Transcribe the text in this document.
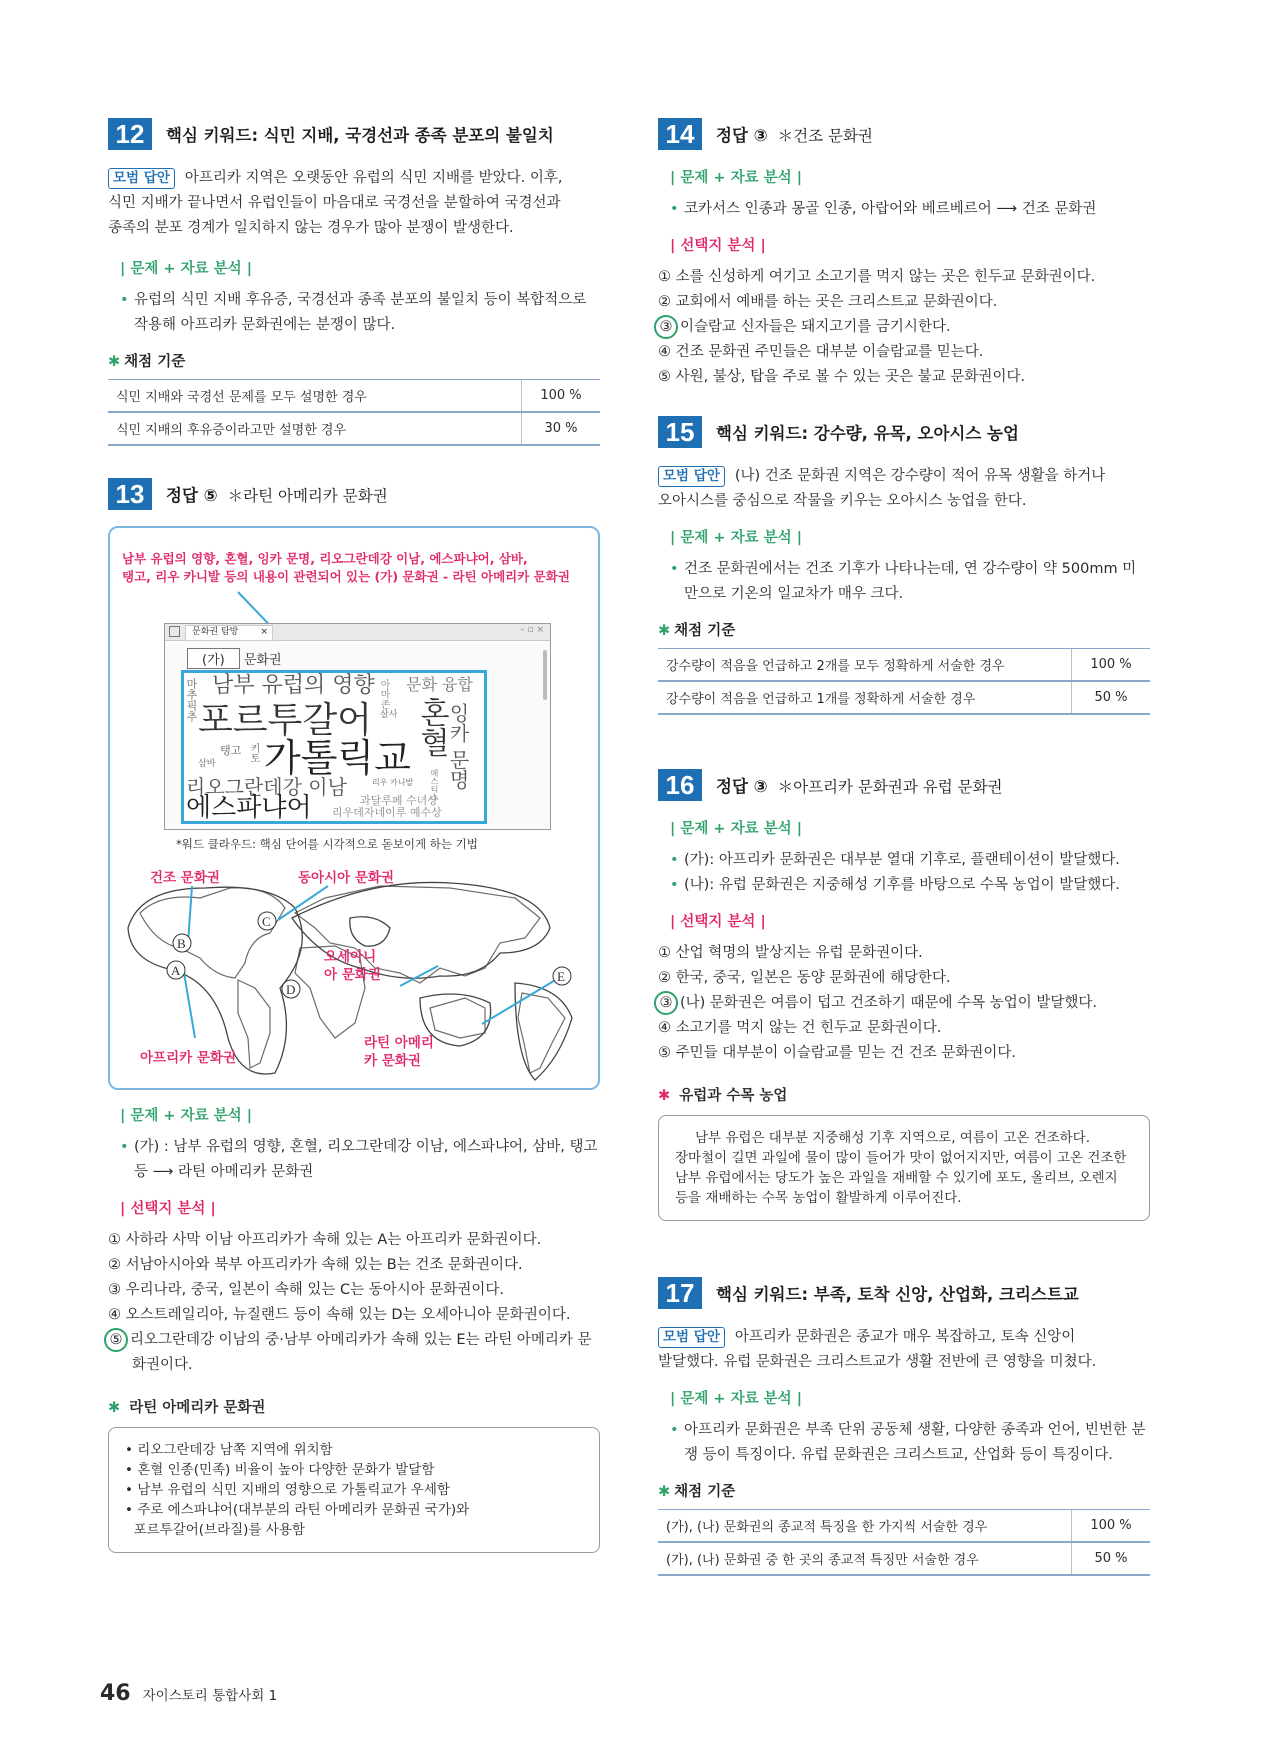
12	핵심 키워드: 식민 지배, 국경선과 종족 분포의 불일치
모범 답안 아프리카 지역은 오랫동안 유럽의 식민 지배를 받았다. 이후,
식민 지배가 끝나면서 유럽인들이 마음대로 국경선을 분할하여 국경선과
종족의 분포 경계가 일치하지 않는 경우가 많아 분쟁이 발생한다.
| 문제 + 자료 분석 |
• 유럽의 식민 지배 후유증, 국경선과 종족 분포의 불일치 등이 복합적으로 작용해 아프리카 문화권에는 분쟁이 많다.
✱ 채점 기준
식민 지배와 국경선 문제를 모두 설명한 경우	100 %
식민 지배의 후유증이라고만 설명한 경우	30 %
13	정답 ⑤ ＊라틴 아메리카 문화권
남부 유럽의 영향, 혼혈, 잉카 문명, 리오그란데강 이남, 에스파냐어, 삼바,
탱고, 리우 카니발 등의 내용이 관련되어 있는 (가) 문화권 - 라틴 아메리카 문화권
문화권 탐방 ×	– ▫ ×
(가) 문화권
남부 유럽의 영향 문화 융합
마추픽추 포르투갈어 살사
아마존
혼혈
잉카 문명
탱고
삼바
키토 가톨릭교
리오그란데강 이남	리우 카니발 메스티소
과달루페 수녀상
에스파냐어 리우데자네이루 예수상
*워드 클라우드: 핵심 단어를 시각적으로 돋보이게 하는 기법
B
A
C
D
E
건조 문화권	동아시아 문화권
오세아니아 문화권
라틴 아메리카 문화권
아프리카 문화권
| 문제 + 자료 분석 |
• (가) : 남부 유럽의 영향, 혼혈, 리오그란데강 이남, 에스파냐어, 삼바, 탱고 등 ⟶ 라틴 아메리카 문화권
| 선택지 분석 |
① 사하라 사막 이남 아프리카가 속해 있는 A는 아프리카 문화권이다.
② 서남아시아와 북부 아프리카가 속해 있는 B는 건조 문화권이다.
③ 우리나라, 중국, 일본이 속해 있는 C는 동아시아 문화권이다.
④ 오스트레일리아, 뉴질랜드 등이 속해 있는 D는 오세아니아 문화권이다.
⑤ 리오그란데강 이남의 중·남부 아메리카가 속해 있는 E는 라틴 아메리카 문화권이다.
✱ 라틴 아메리카 문화권
• 리오그란데강 남쪽 지역에 위치함
• 혼혈 인종(민족) 비율이 높아 다양한 문화가 발달함
• 남부 유럽의 식민 지배의 영향으로 가톨릭교가 우세함
• 주로 에스파냐어(대부분의 라틴 아메리카 문화권 국가)와
포르투갈어(브라질)를 사용함
14	정답 ③ ＊건조 문화권
| 문제 + 자료 분석 |
• 코카서스 인종과 몽골 인종, 아랍어와 베르베르어 ⟶ 건조 문화권
| 선택지 분석 |
① 소를 신성하게 여기고 소고기를 먹지 않는 곳은 힌두교 문화권이다.
② 교회에서 예배를 하는 곳은 크리스트교 문화권이다.
③ 이슬람교 신자들은 돼지고기를 금기시한다.
④ 건조 문화권 주민들은 대부분 이슬람교를 믿는다.
⑤ 사원, 불상, 탑을 주로 볼 수 있는 곳은 불교 문화권이다.
15	핵심 키워드: 강수량, 유목, 오아시스 농업
모범 답안 (나) 건조 문화권 지역은 강수량이 적어 유목 생활을 하거나
오아시스를 중심으로 작물을 키우는 오아시스 농업을 한다.
| 문제 + 자료 분석 |
• 건조 문화권에서는 건조 기후가 나타나는데, 연 강수량이 약 500mm 미만으로 기온의 일교차가 매우 크다.
✱ 채점 기준
강수량이 적음을 언급하고 2개를 모두 정확하게 서술한 경우	100 %
강수량이 적음을 언급하고 1개를 정확하게 서술한 경우	50 %
16	정답 ③ ＊아프리카 문화권과 유럽 문화권
| 문제 + 자료 분석 |
• (가): 아프리카 문화권은 대부분 열대 기후로, 플랜테이션이 발달했다.
• (나): 유럽 문화권은 지중해성 기후를 바탕으로 수목 농업이 발달했다.
| 선택지 분석 |
① 산업 혁명의 발상지는 유럽 문화권이다.
② 한국, 중국, 일본은 동양 문화권에 해당한다.
③ (나) 문화권은 여름이 덥고 건조하기 때문에 수목 농업이 발달했다.
④ 소고기를 먹지 않는 건 힌두교 문화권이다.
⑤ 주민들 대부분이 이슬람교를 믿는 건 건조 문화권이다.
✱ 유럽과 수목 농업
남부 유럽은 대부분 지중해성 기후 지역으로, 여름이 고온 건조하다.
장마철이 길면 과일에 물이 많이 들어가 맛이 없어지지만, 여름이 고온 건조한
남부 유럽에서는 당도가 높은 과일을 재배할 수 있기에 포도, 올리브, 오렌지
등을 재배하는 수목 농업이 활발하게 이루어진다.
17	핵심 키워드: 부족, 토착 신앙, 산업화, 크리스트교
모범 답안 아프리카 문화권은 종교가 매우 복잡하고, 토속 신앙이
발달했다. 유럽 문화권은 크리스트교가 생활 전반에 큰 영향을 미쳤다.
| 문제 + 자료 분석 |
• 아프리카 문화권은 부족 단위 공동체 생활, 다양한 종족과 언어, 빈번한 분쟁 등이 특징이다. 유럽 문화권은 크리스트교, 산업화 등이 특징이다.
✱ 채점 기준
(가), (나) 문화권의 종교적 특징을 한 가지씩 서술한 경우	100 %
(가), (나) 문화권 중 한 곳의 종교적 특징만 서술한 경우	50 %
46 자이스토리 통합사회 1
